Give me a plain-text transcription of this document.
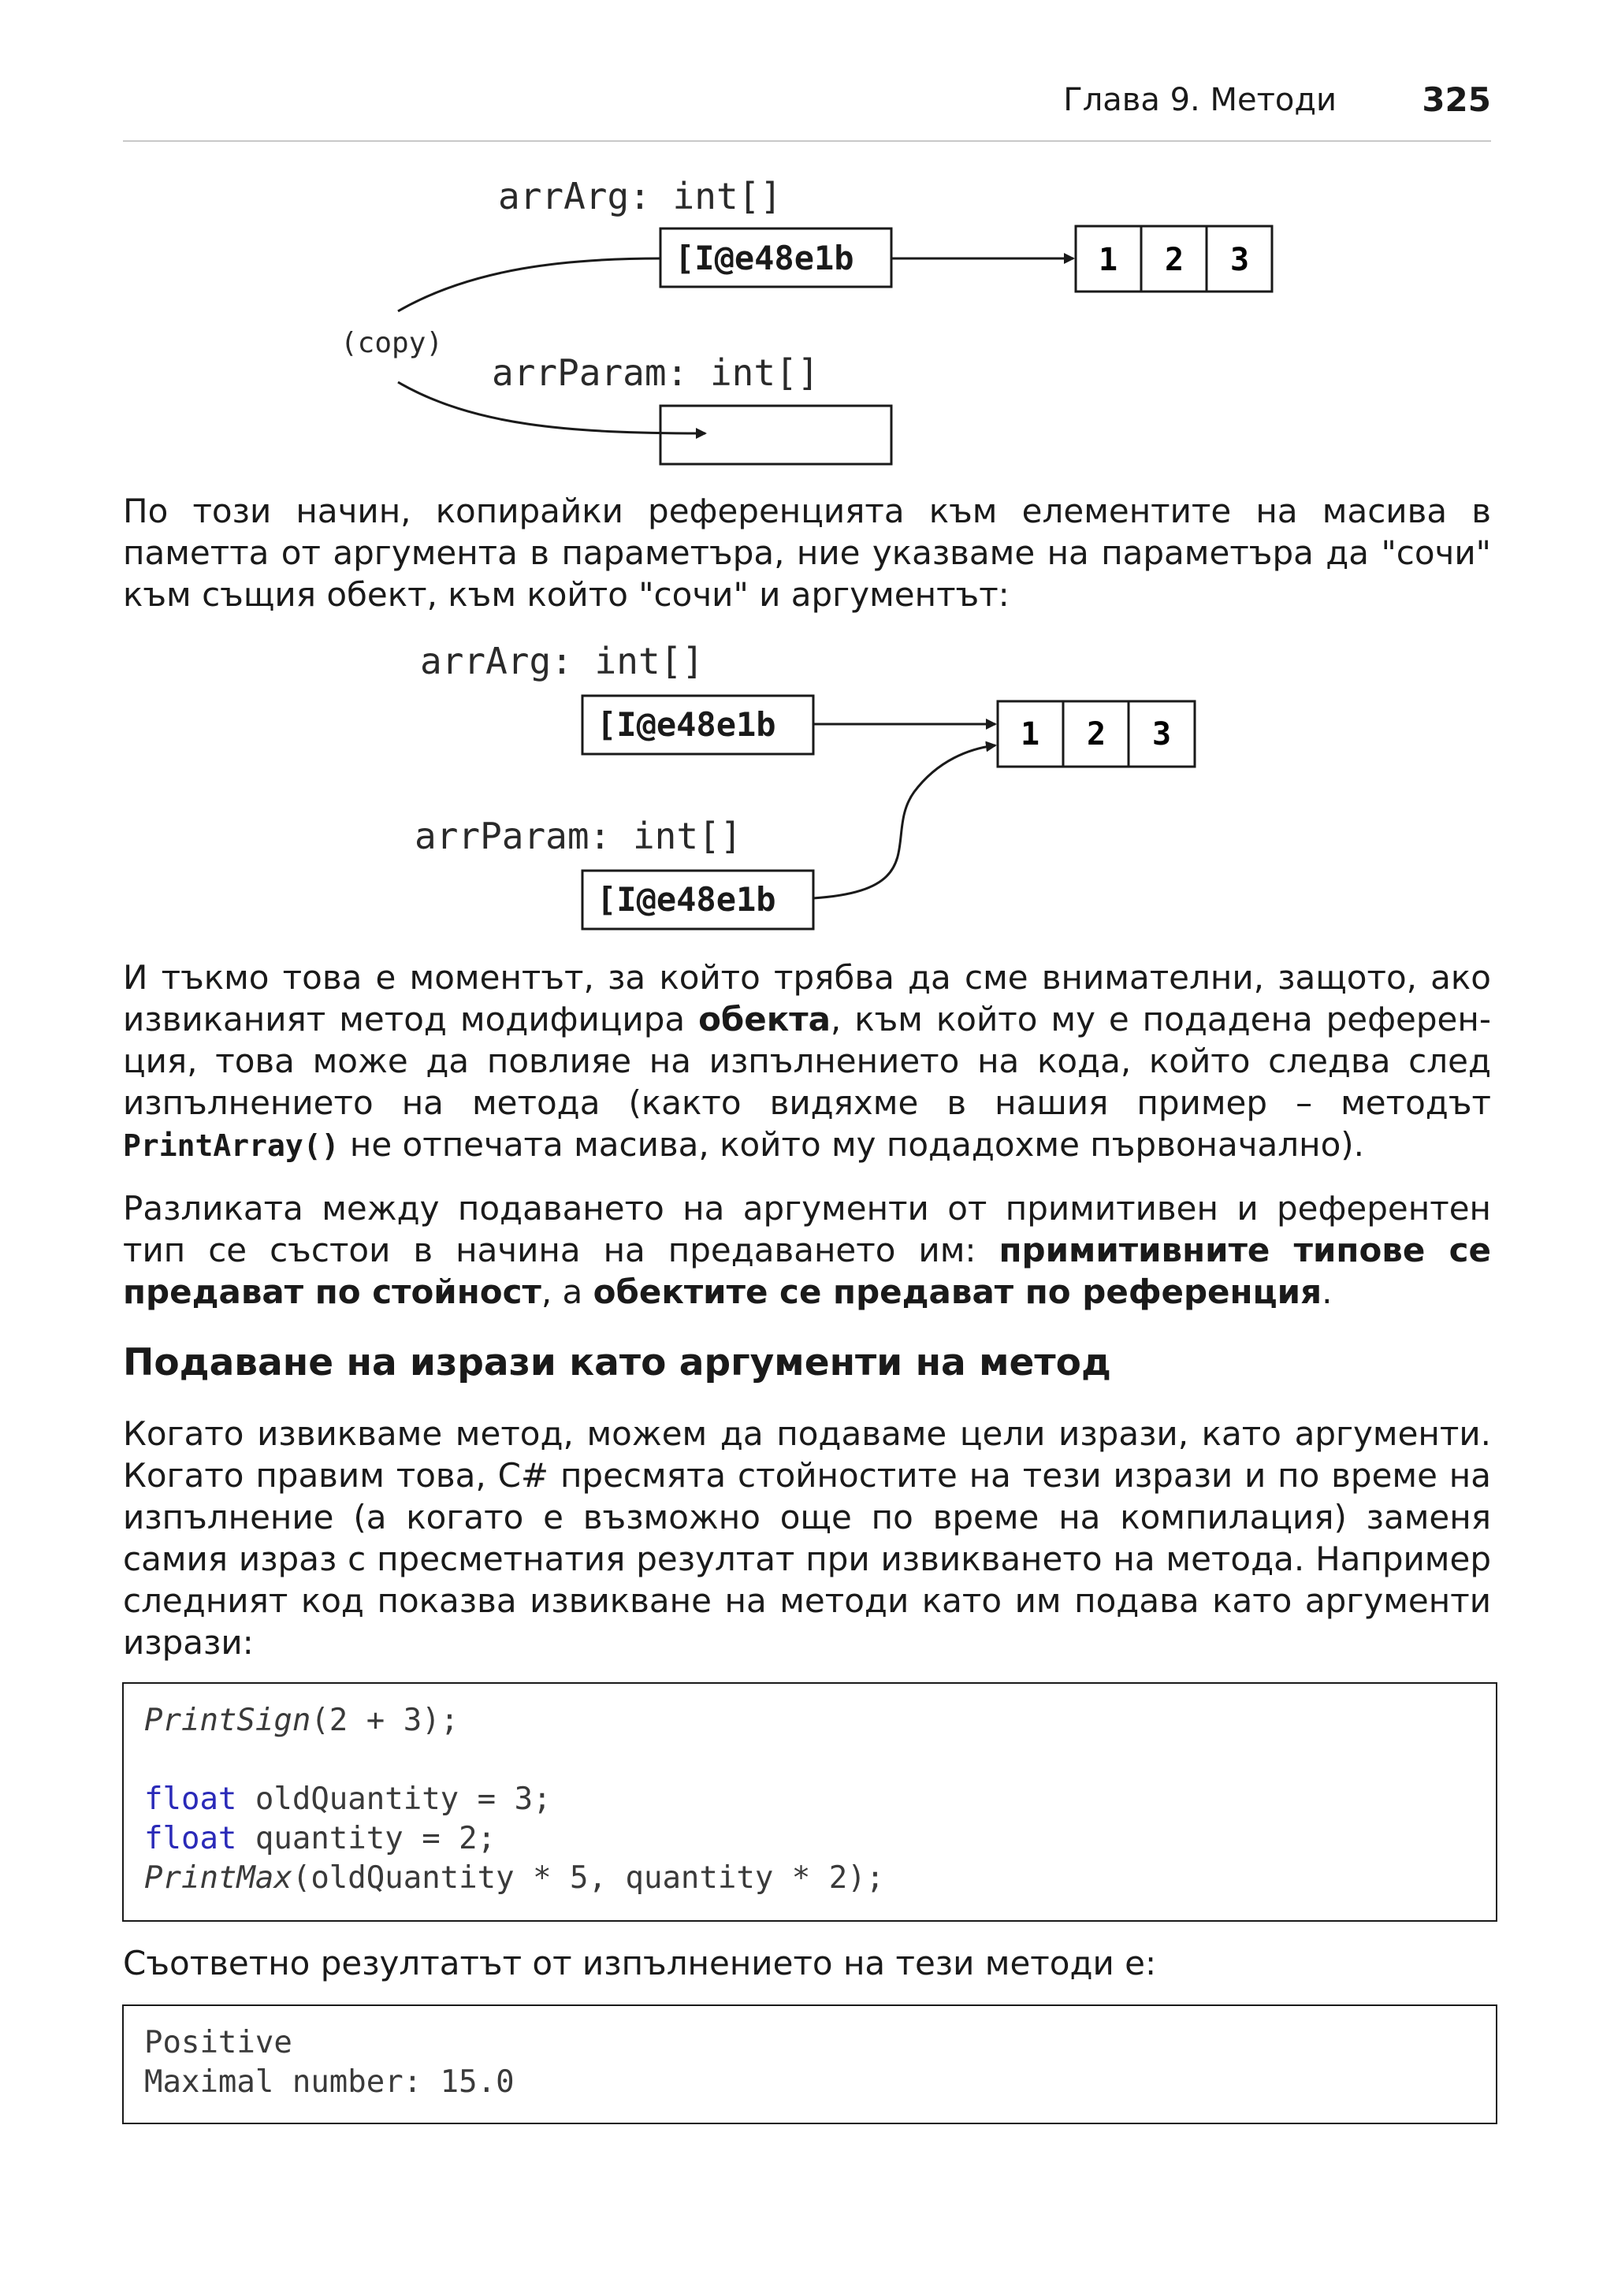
Глава 9. Методи	325
arrArg: int[]
[I@e48e1b	1 2 3
(copy)
arrParam: int[]

По този начин, копирайки референцията към елементите на масива в паметта от аргумента в параметъра, ние указваме на параметъра да "сочи" към същия обект, към който "сочи" и аргументът:

arrArg: int[]
[I@e48e1b	1 2 3
arrParam: int[]
[I@e48e1b

И тъкмо това е моментът, за който трябва да сме внимателни, защото, ако извиканият метод модифицира обекта, към който му е подадена референ-ция, това може да повлияе на изпълнението на кода, който следва след изпълнението на метода (както видяхме в нашия пример – методът PrintArray() не отпечата масива, който му подадохме първоначално).

Разликата между подаването на аргументи от примитивен и референтен тип се състои в начина на предаването им: примитивните типове се предават по стойност, а обектите се предават по референция.

Подаване на изрази като аргументи на метод

Когато извикваме метод, можем да подаваме цели изрази, като аргументи. Когато правим това, C# пресмята стойностите на тези изрази и по време на изпълнение (а когато е възможно още по време на компилация) заменя самия израз с пресметнатия резултат при извикването на метода. Например следният код показва извикване на методи като им подава като аргументи изрази:

PrintSign(2 + 3);

float oldQuantity = 3;
float quantity = 2;
PrintMax(oldQuantity * 5, quantity * 2);

Съответно резултатът от изпълнението на тези методи е:

Positive
Maximal number: 15.0
